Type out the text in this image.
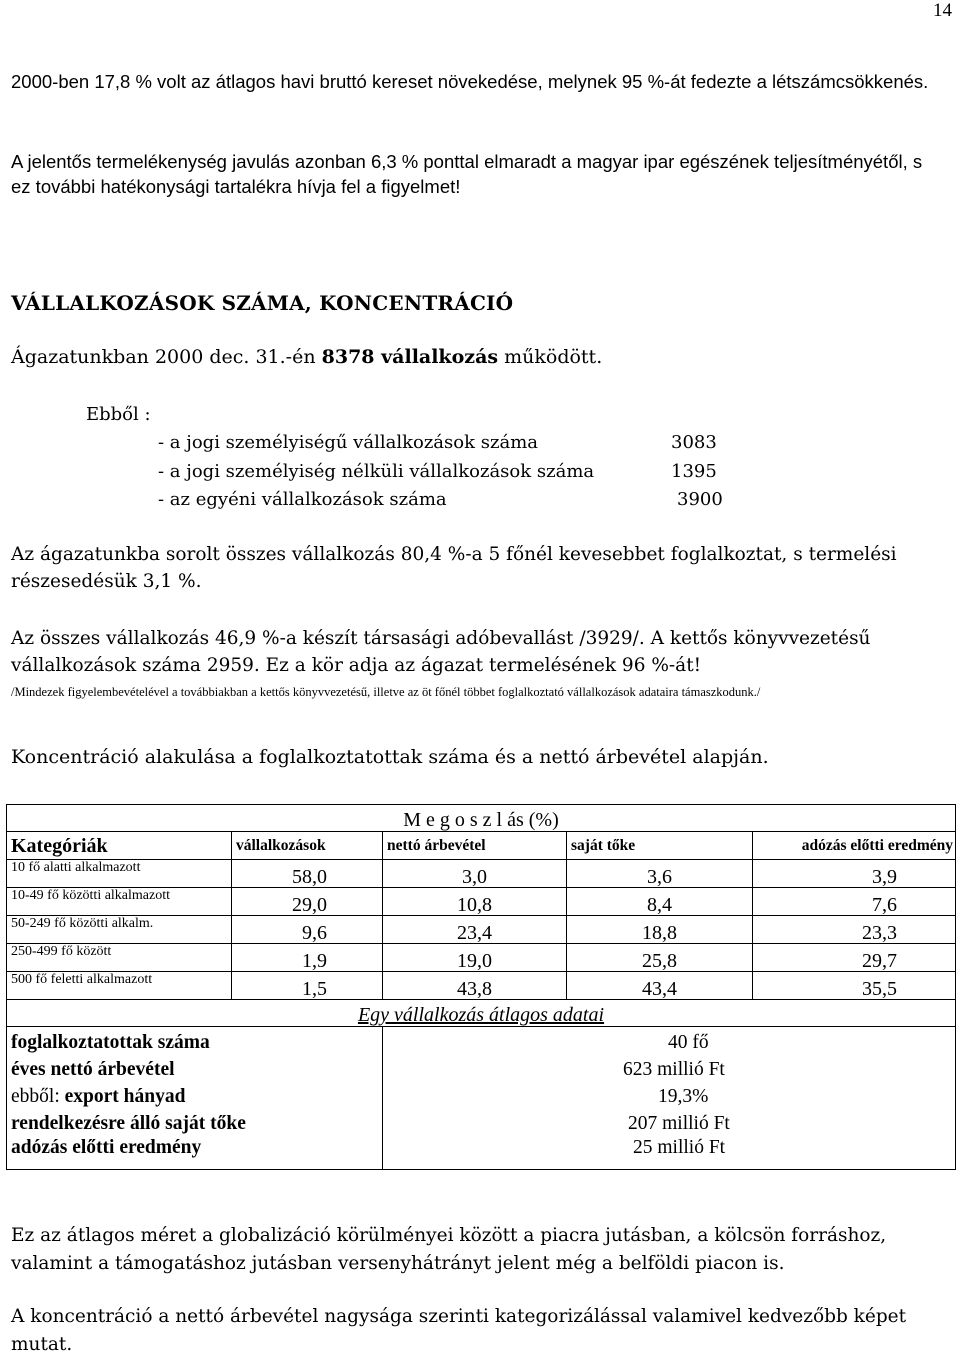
14
2000-ben 17,8 % volt az átlagos havi bruttó kereset növekedése, melynek 95 %-át fedezte a létszámcsökkenés.
A jelentős termelékenység javulás azonban 6,3 % ponttal elmaradt a magyar ipar egészének teljesítményétől, s ez további hatékonysági tartalékra hívja fel a figyelmet!
VÁLLALKOZÁSOK SZÁMA, KONCENTRÁCIÓ
Ágazatunkban 2000 dec. 31.-én 8378 vállalkozás működött.
Ebből :
- a jogi személyiségű vállalkozások száma	3083
- a jogi személyiség nélküli vállalkozások száma	1395
- az egyéni vállalkozások száma	3900
Az ágazatunkba sorolt összes vállalkozás 80,4 %-a 5 főnél kevesebbet foglalkoztat, s termelési részesedésük 3,1 %.
Az összes vállalkozás 46,9 %-a készít társasági adóbevallást /3929/. A kettős könyvvezetésű vállalkozások száma 2959. Ez a kör adja az ágazat termelésének 96 %-át!
/Mindezek figyelembevételével a továbbiakban a kettős könyvvezetésű, illetve az öt főnél többet foglalkoztató vállalkozások adataira támaszkodunk./
Koncentráció alakulása a foglalkoztatottak száma és a nettó árbevétel alapján.
M e g o s z l ás (%)				
Kategóriák	vállalkozások	nettó árbevétel	saját tőke	adózás előtti eredmény
10 fő alatti alkalmazott	58,0	3,0	3,6	3,9
10-49 fő közötti alkalmazott	29,0	10,8	8,4	7,6
50-249 fő közötti alkalm.	9,6	23,4	18,8	23,3
250-499 fő között	1,9	19,0	25,8	29,7
500 fő feletti alkalmazott	1,5	43,8	43,4	35,5
Egy vállalkozás átlagos adatai				
foglalkoztatottak száma		40 fő		
éves nettó árbevétel		623 millió Ft		
ebből: export hányad		19,3%		
rendelkezésre álló saját tőke		207 millió Ft		
adózás előtti eredmény		25 millió Ft		
Ez az átlagos méret a globalizáció körülményei között a piacra jutásban, a kölcsön forráshoz, valamint a támogatáshoz jutásban versenyhátrányt jelent még a belföldi piacon is.
A koncentráció a nettó árbevétel nagysága szerinti kategorizálással valamivel kedvezőbb képet mutat.
